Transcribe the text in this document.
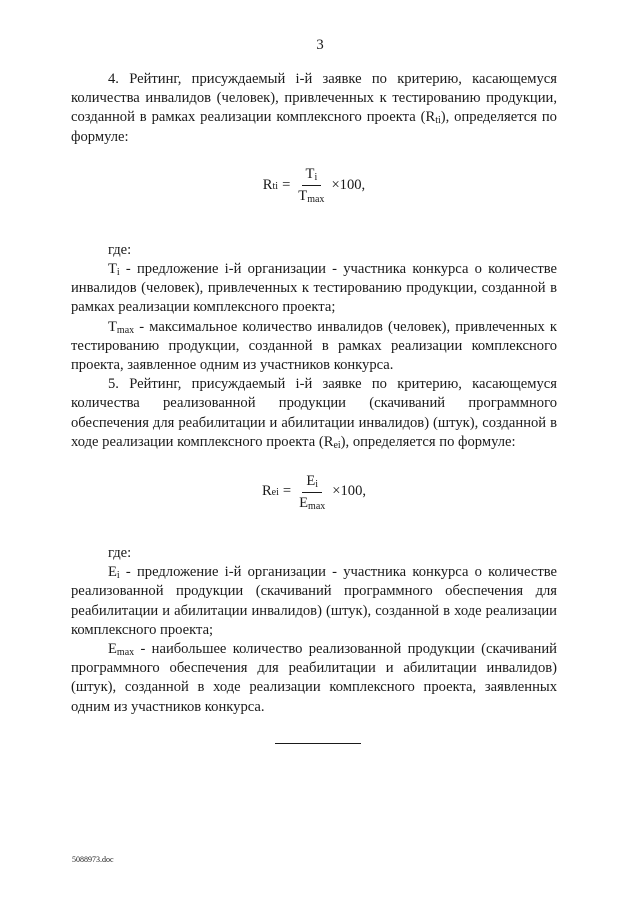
3

4. Рейтинг, присуждаемый i-й заявке по критерию, касающемуся количества инвалидов (человек), привлеченных к тестированию продукции, созданной в рамках реализации комплексного проекта $(R_{ti})$, определяется по формуле:

R ti = $\frac{T_i}{T_{max}} \times 100$,

где:

$T_i$ - предложение i-й организации - участника конкурса о количестве инвалидов (человек), привлеченных к тестированию продукции, созданной в рамках реализации комплексного проекта;

$T_{max}$ - максимальное количество инвалидов (человек), привлеченных к тестированию продукции, созданной в рамках реализации комплексного проекта, заявленное одним из участников конкурса.

5. Рейтинг, присуждаемый i-й заявке по критерию, касающемуся количества реализованной продукции (скачиваний программного обеспечения для реабилитации и абилитации инвалидов) (штук), созданной в ходе реализации комплексного проекта $(R_{ei})$, определяется по формуле:

R ei = $\frac{E_i}{E_{max}} \times 100$,

где:

$E_i$ - предложение i-й организации - участника конкурса о количестве реализованной продукции (скачиваний программного обеспечения для реабилитации и абилитации инвалидов) (штук), созданной в ходе реализации комплексного проекта;

$E_{max}$ - наибольшее количество реализованной продукции (скачиваний программного обеспечения для реабилитации и абилитации инвалидов) (штук), созданной в ходе реализации комплексного проекта, заявленных одним из участников конкурса.

5088973.doc
